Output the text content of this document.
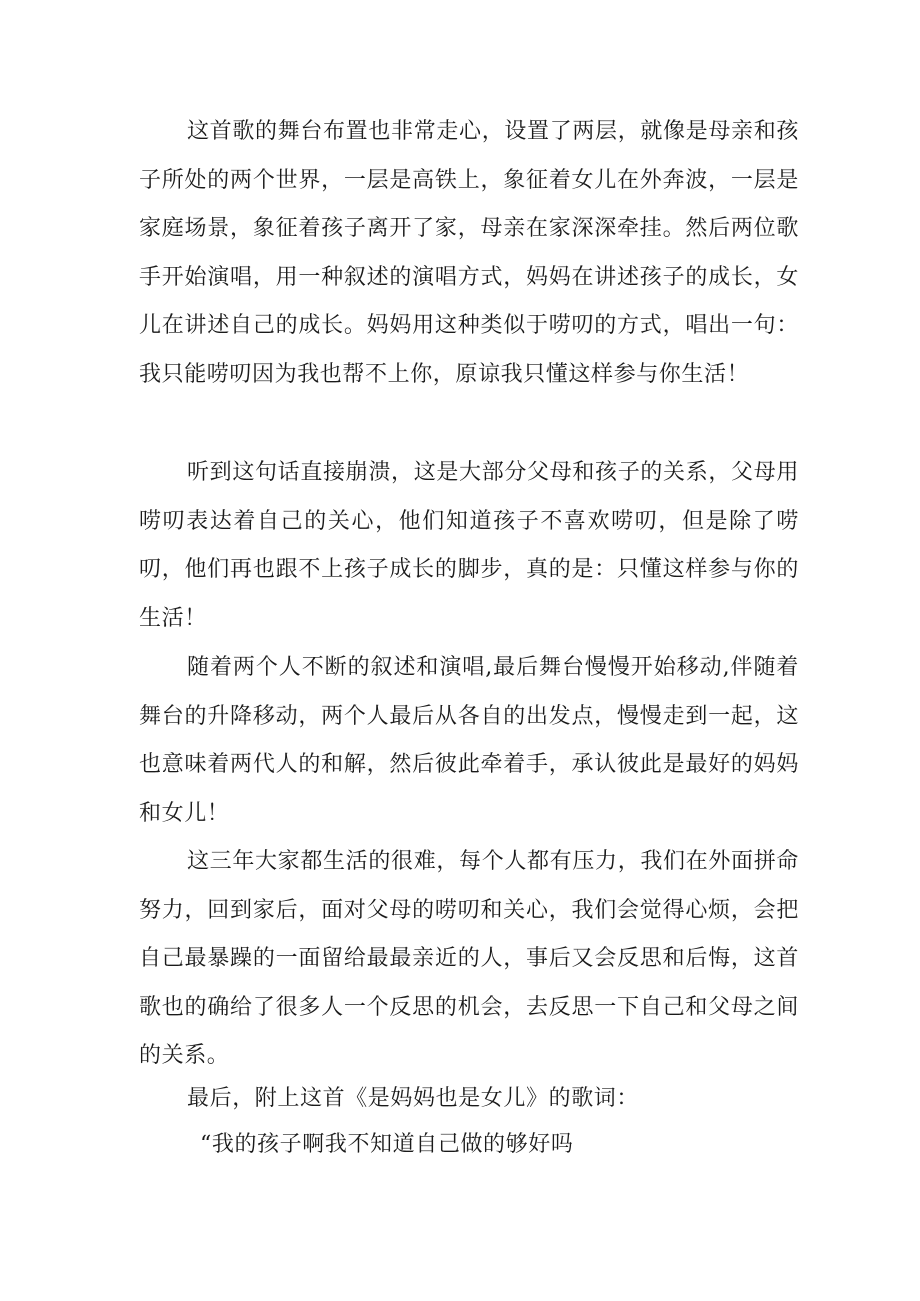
这首歌的舞台布置也非常走心，设置了两层，就像是母亲和孩子所处的两个世界，一层是高铁上，象征着女儿在外奔波，一层是家庭场景，象征着孩子离开了家，母亲在家深深牵挂。然后两位歌手开始演唱，用一种叙述的演唱方式，妈妈在讲述孩子的成长，女儿在讲述自己的成长。妈妈用这种类似于唠叨的方式，唱出一句：我只能唠叨因为我也帮不上你，原谅我只懂这样参与你生活！

听到这句话直接崩溃，这是大部分父母和孩子的关系，父母用唠叨表达着自己的关心，他们知道孩子不喜欢唠叨，但是除了唠叨，他们再也跟不上孩子成长的脚步，真的是：只懂这样参与你的生活！

随着两个人不断的叙述和演唱,最后舞台慢慢开始移动,伴随着舞台的升降移动，两个人最后从各自的出发点，慢慢走到一起，这也意味着两代人的和解，然后彼此牵着手，承认彼此是最好的妈妈和女儿！

这三年大家都生活的很难，每个人都有压力，我们在外面拼命努力，回到家后，面对父母的唠叨和关心，我们会觉得心烦，会把自己最暴躁的一面留给最最亲近的人，事后又会反思和后悔，这首歌也的确给了很多人一个反思的机会，去反思一下自己和父母之间的关系。

最后，附上这首《是妈妈也是女儿》的歌词：

“我的孩子啊我不知道自己做的够好吗
